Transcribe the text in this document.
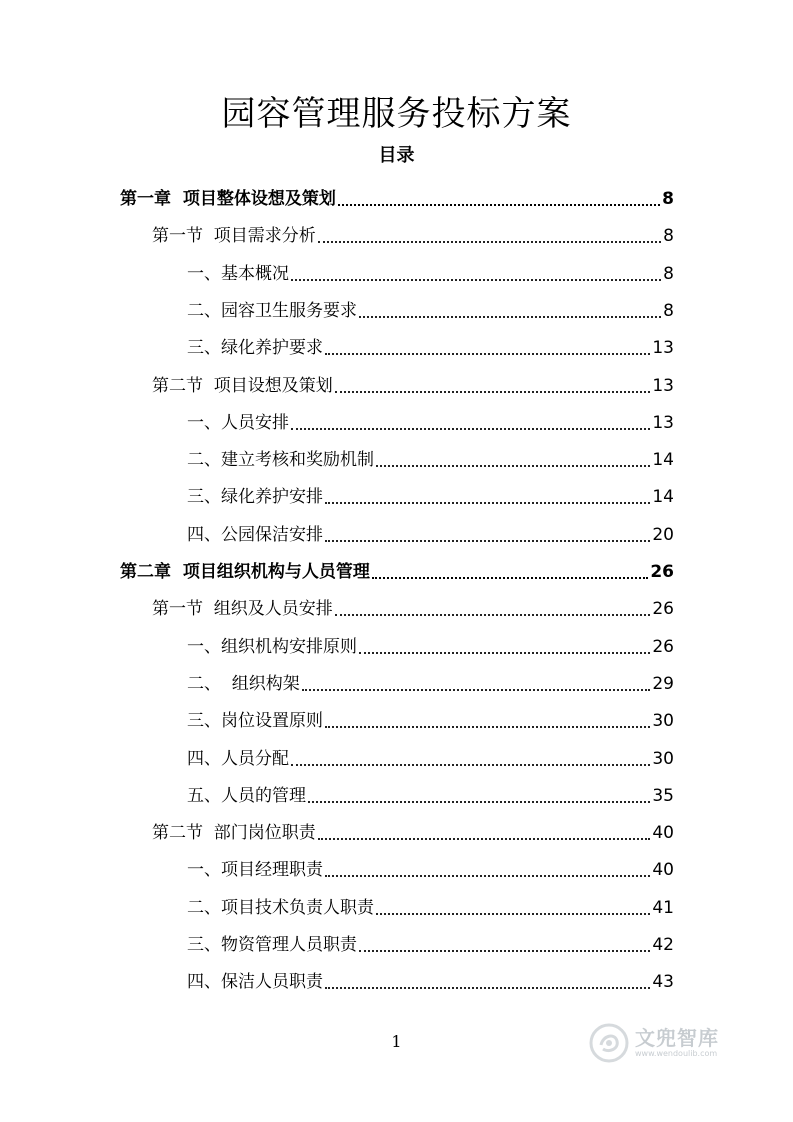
园容管理服务投标方案
目录
第一章  项目整体设想及策划	8
第一节  项目需求分析	8
一、基本概况	8
二、园容卫生服务要求	8
三、绿化养护要求	13
第二节  项目设想及策划	13
一、人员安排	13
二、建立考核和奖励机制	14
三、绿化养护安排	14
四、公园保洁安排	20
第二章  项目组织机构与人员管理	26
第一节  组织及人员安排	26
一、组织机构安排原则	26
二、  组织构架	29
三、岗位设置原则	30
四、人员分配	30
五、人员的管理	35
第二节  部门岗位职责	40
一、项目经理职责	40
二、项目技术负责人职责	41
三、物资管理人员职责	42
四、保洁人员职责	43
1	文兜智库
www.wendoulib.com
